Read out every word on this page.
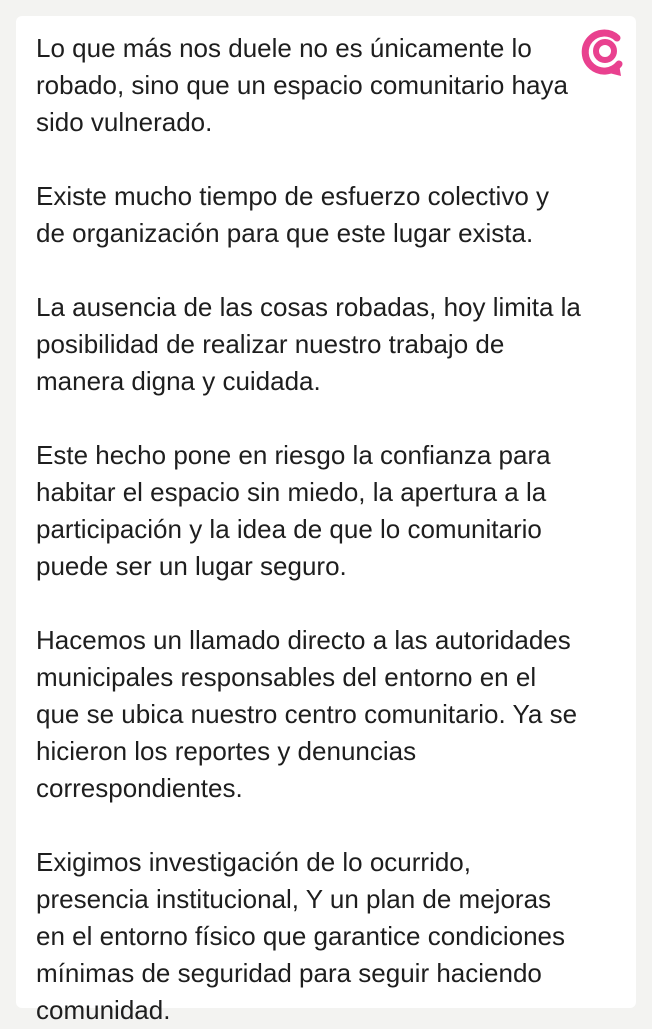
Lo que más nos duele no es únicamente lo
robado, sino que un espacio comunitario haya
sido vulnerado.

Existe mucho tiempo de esfuerzo colectivo y
de organización para que este lugar exista.

La ausencia de las cosas robadas, hoy limita la
posibilidad de realizar nuestro trabajo de
manera digna y cuidada.

Este hecho pone en riesgo la confianza para
habitar el espacio sin miedo, la apertura a la
participación y la idea de que lo comunitario
puede ser un lugar seguro.

Hacemos un llamado directo a las autoridades
municipales responsables del entorno en el
que se ubica nuestro centro comunitario. Ya se
hicieron los reportes y denuncias
correspondientes.

Exigimos investigación de lo ocurrido,
presencia institucional, Y un plan de mejoras
en el entorno físico que garantice condiciones
mínimas de seguridad para seguir haciendo
comunidad.
